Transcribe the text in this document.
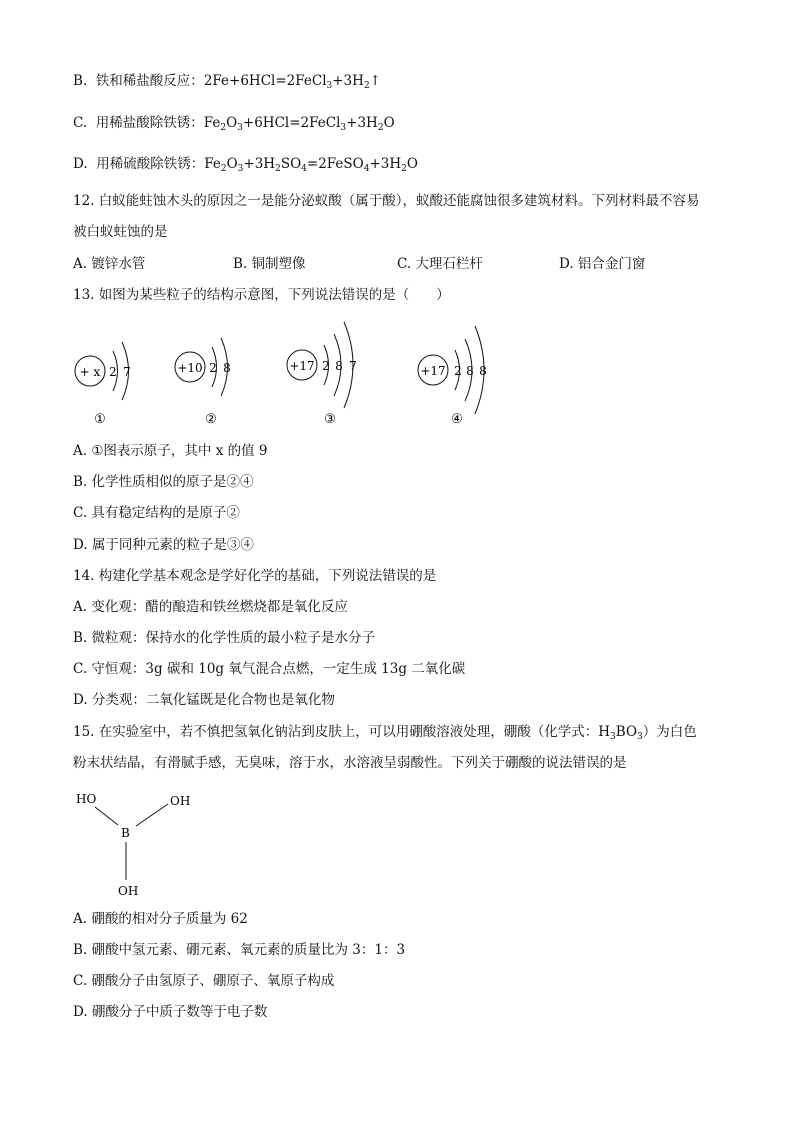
B. 铁和稀盐酸反应：$2Fe+6HCl=2FeCl_3+3H_2↑$
C. 用稀盐酸除铁锈：$Fe_2O_3+6HCl=2FeCl_3+3H_2O$
D. 用稀硫酸除铁锈：$Fe_2O_3+3H_2SO_4=2FeSO_4+3H_2O$
12. 白蚁能蛀蚀木头的原因之一是能分泌蚁酸（属于酸），蚁酸还能腐蚀很多建筑材料。下列材料最不容易
被白蚁蛀蚀的是
A. 镀锌水管	B. 铜制塑像	C. 大理石栏杆	D. 铝合金门窗
13. 如图为某些粒子的结构示意图，下列说法错误的是（　　）
+ x 2 7
①
+10 2 8
②
+17 2 8 7
③
+17 2 8 8
④
A. ①图表示原子，其中 x 的值 9
B. 化学性质相似的原子是②④
C. 具有稳定结构的是原子②
D. 属于同种元素的粒子是③④
14. 构建化学基本观念是学好化学的基础，下列说法错误的是
A. 变化观：醋的酿造和铁丝燃烧都是氧化反应
B. 微粒观：保持水的化学性质的最小粒子是水分子
C. 守恒观：3g 碳和 10g 氧气混合点燃，一定生成 13g 二氧化碳
D. 分类观：二氧化锰既是化合物也是氧化物
15. 在实验室中，若不慎把氢氧化钠沾到皮肤上，可以用硼酸溶液处理，硼酸（化学式：$H_3BO_3$）为白色
粉末状结晶，有滑腻手感，无臭味，溶于水，水溶液呈弱酸性。下列关于硼酸的说法错误的是
HO	OH
B
OH
A. 硼酸的相对分子质量为 62
B. 硼酸中氢元素、硼元素、氧元素的质量比为 3：1：3
C. 硼酸分子由氢原子、硼原子、氧原子构成
D. 硼酸分子中质子数等于电子数
